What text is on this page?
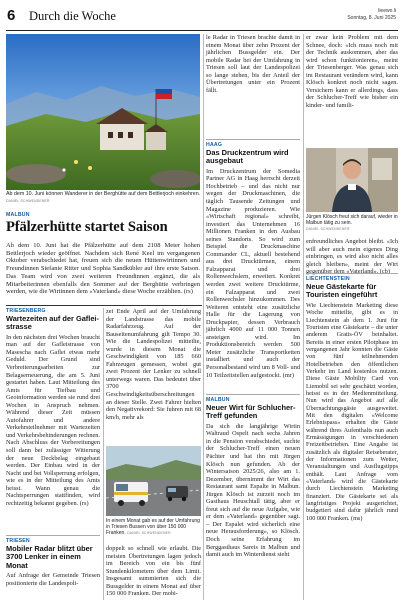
6 Durch die Woche	lieewo.li
Sonntag, 8. Juni 2025
Ab dem 10. Juni können Wanderer in der Berghütte auf dem Bettlerjoch einkehren. DANIEL SCHWENDENER
MALBUN
Pfälzerhütte startet Saison
Ab dem 10. Juni hat die Pfälzerhütte auf dem 2108 Meter hohen Bettlerjoch wieder geöffnet. Nachdem sich René Keel im vergangenen Oktober verabschiedet hat, freuen sich die neuen Hüttenwirtinnen und Freundinnen Stefanie Ritter und Sophia Sandkübler auf ihre erste Saison. Das Team wird von zwei weiteren Freundinnen ergänzt, die als Mitarbeiterinnen ebenfalls den Sommer auf der Berghütte verbringen werden, wie die Wirtinnen dem «Vaterland» diese Woche erzählten. (rs)
TRIESENBERG
Wartezeiten auf der Gafleistrasse
In den nächsten drei Wochen braucht man auf der Gafleistrasse von Masescha nach Gaflei etwas mehr Geduld. Der Grund sind Verbreiterungsarbeiten zur Belagserneuerung, die am 5. Juni gestartet haben. Laut Mitteilung des Amts für Tiefbau und Geoinformation werden sie rund drei Wochen in Anspruch nehmen. Während dieser Zeit müssen Autofahrer und andere Verkehrsteilnehmer mit Wartezeiten und Verkehrsbehinderungen rechnen. Nach Abschluss der Vorbereitungen soll dann bei zulässiger Witterung der neue Deckbelag eingebaut werden. Der Einbau wird in der Nacht und bei Vollsperrung erfolgen, wie es in der Mitteilung des Amts heisst. Wann genau die Nachtsperrungen stattfinden, wird rechtzeitig bekannt gegeben. (rs)
TRIESEN
Mobiler Radar blitzt über 3700 Lenker in einem Monat
Auf Anfrage der Gemeinde Triesen positionierte die Landespoli-
zei Ende April auf der Umfahrung der Landstrasse das mobile Radarfahrzeug. Auf der Bauseitenumfahrung gilt Tempo 30. Wie die Landespolizei mitteilte, wurde in diesem Monat die Geschwindigkeit von 185 660 Fahrzeugen gemessen, wobei gut zwei Prozent der Lenker zu schnell unterwegs waren. Das bedeutet über 3700 Geschwindigkeitsüberschreitungen an dieser Stelle. Zwei Fahrer hielten den Negativrekord: Sie fuhren mit 68 km/h, mehr als
In einem Monat gab es auf der Umfahrung in Triesen Bussen von über 150 000 Franken. DANIEL SCHWENDENER
doppelt so schnell wie erlaubt. Die meisten Übertretungen lagen jedoch im Bereich von ein bis fünf Stundenkilometern über dem Limit. Insgesamt summierten sich die Bussgelder in einem Monat auf über 150 000 Franken. Der mobi-
le Radar in Triesen brachte damit in einem Monat über zehn Prozent der jährlichen Bussgelder ein. Der mobile Radar bei der Umfahrung in Triesen soll laut der Landespolizei so lange stehen, bis der Anteil der Übertretungen unter ein Prozent fällt.
HAAG
Das Druckzentrum wird ausgebaut
Im Druckzentrum der Somedia Partner AG in Haag herrscht derzeit Hochbetrieb – und das nicht nur wegen der Druckmaschinen, die täglich Tausende Zeitungen und Magazine produzieren. Wie «Wirtschaft regional» schreibt, investiert das Unternehmen 16 Millionen Franken in den Ausbau seines Standorts. So wird zum Beispiel die Druckmaschine Commander CL, aktuell bestehend aus drei Drucktürmen, einem Falzapparat und drei Rollenwechslern, erweitert. Konkret werden zwei weitere Drucktürme, ein Falzapparat und zwei Rollenwechsler hinzukommen. Des Weiteren entsteht eine zusätzliche Halle für die Lagerung von Druckpapier, dessen Verbrauch jährlich 4000 auf 11 000 Tonnen ansteigen wird. Im Produktionsbereich werden 500 Meter zusätzliche Transportketten installiert und auch der Personalbestand wird um 8 Voll- und 10 Teilzeitstellen aufgestockt. (mr)
MALBUN
Neuer Wirt für Schlucher-Treff gefunden
Da sich die langjährige Wirtin Waltraud Ospelt nach sechs Jahren in die Pension verabschiedet, suchte der Schlucher-Treff einen neuen Pächter und hat ihn mit Jürgen Klösch nun gefunden. Ab der Wintersaison 2025/26, also am 1. Dezember, übernimmt der Wirt das Restaurant samt Espalte in Malbun. Jürgen Klösch ist zurzeit noch im Gasthaus Heuschtall tätig, aber er freut sich auf die neue Aufgabe, wie er dem «Vaterland» gegenüber sagt. – Der Espalet wird sicherlich eine neue Herausforderung», so Klösch. Doch seine Erfahrung im Berggasthaus Sareis in Malbun und damit auch im Winterdienst sieht
er zwar kein Problem mit dem Schnee, doch: «Ich muss noch mit der Technik auskommen, aber das wird schon funktionieren», meint der Triesenberger. Was genau sich im Restaurant verändern wird, kann Klösch konkret noch nicht sagen. Versichern kann er allerdings, dass der Schlucher-Treff wie bisher ein kinder- und famili-
Jürgen Klösch freut sich darauf, wieder in Malbun tätig zu sein.
DANIEL SCHWENDENER
enfreundliches Angebot bleibt. «Ich will aber auch mein eigenes Ding einbringen, es wird also nicht alles gleich bleiben», meint der Wirt gegenüber dem «Vaterland». (cb)
LIECHTENSTEIN
Neue Gästekarte für Touristen eingeführt
Wie Liechtenstein Marketing diese Woche mitteilte, gibt es in Liechtenstein ab dem 1. Juni für Touristen eine Gästekarte – die unter anderem Gratis-ÖV beinhaltet. Bereits in einer ersten Pilotphase im vergangenen Jahr konnten die Gäste von fünf teilnehmenden Hotelbetrieben den öffentlichen Verkehr im Land kostenlos nutzen. Diese Gäste Mobility Card von Liemobil sei sehr geschätzt worden, heisst es in der Medienmitteilung. Nun wird das Angebot auf alle Übernachtungsgäste ausgeweitet. Mit den digitalen «Welcome Erlebnispass» erhalten die Gäste während ihres Aufenthalts nun auch Ermässigungen in verschiedenen Freizeitbetrieben. Eine Angabe ist zusätzlich als digitaler Reiseberater, der Informationen zum Wetter, Veranstaltungen und Ausflugstipps enthält. Laut Anfrage vom «Vaterland» wird die Gästekarte durch Liechtenstein Marketing finanziert. Die Gästekarte sei als langfristiges Projekt ausgerichtet, budgetiert sind dafür jährlich rund 100 000 Franken. (ms)
